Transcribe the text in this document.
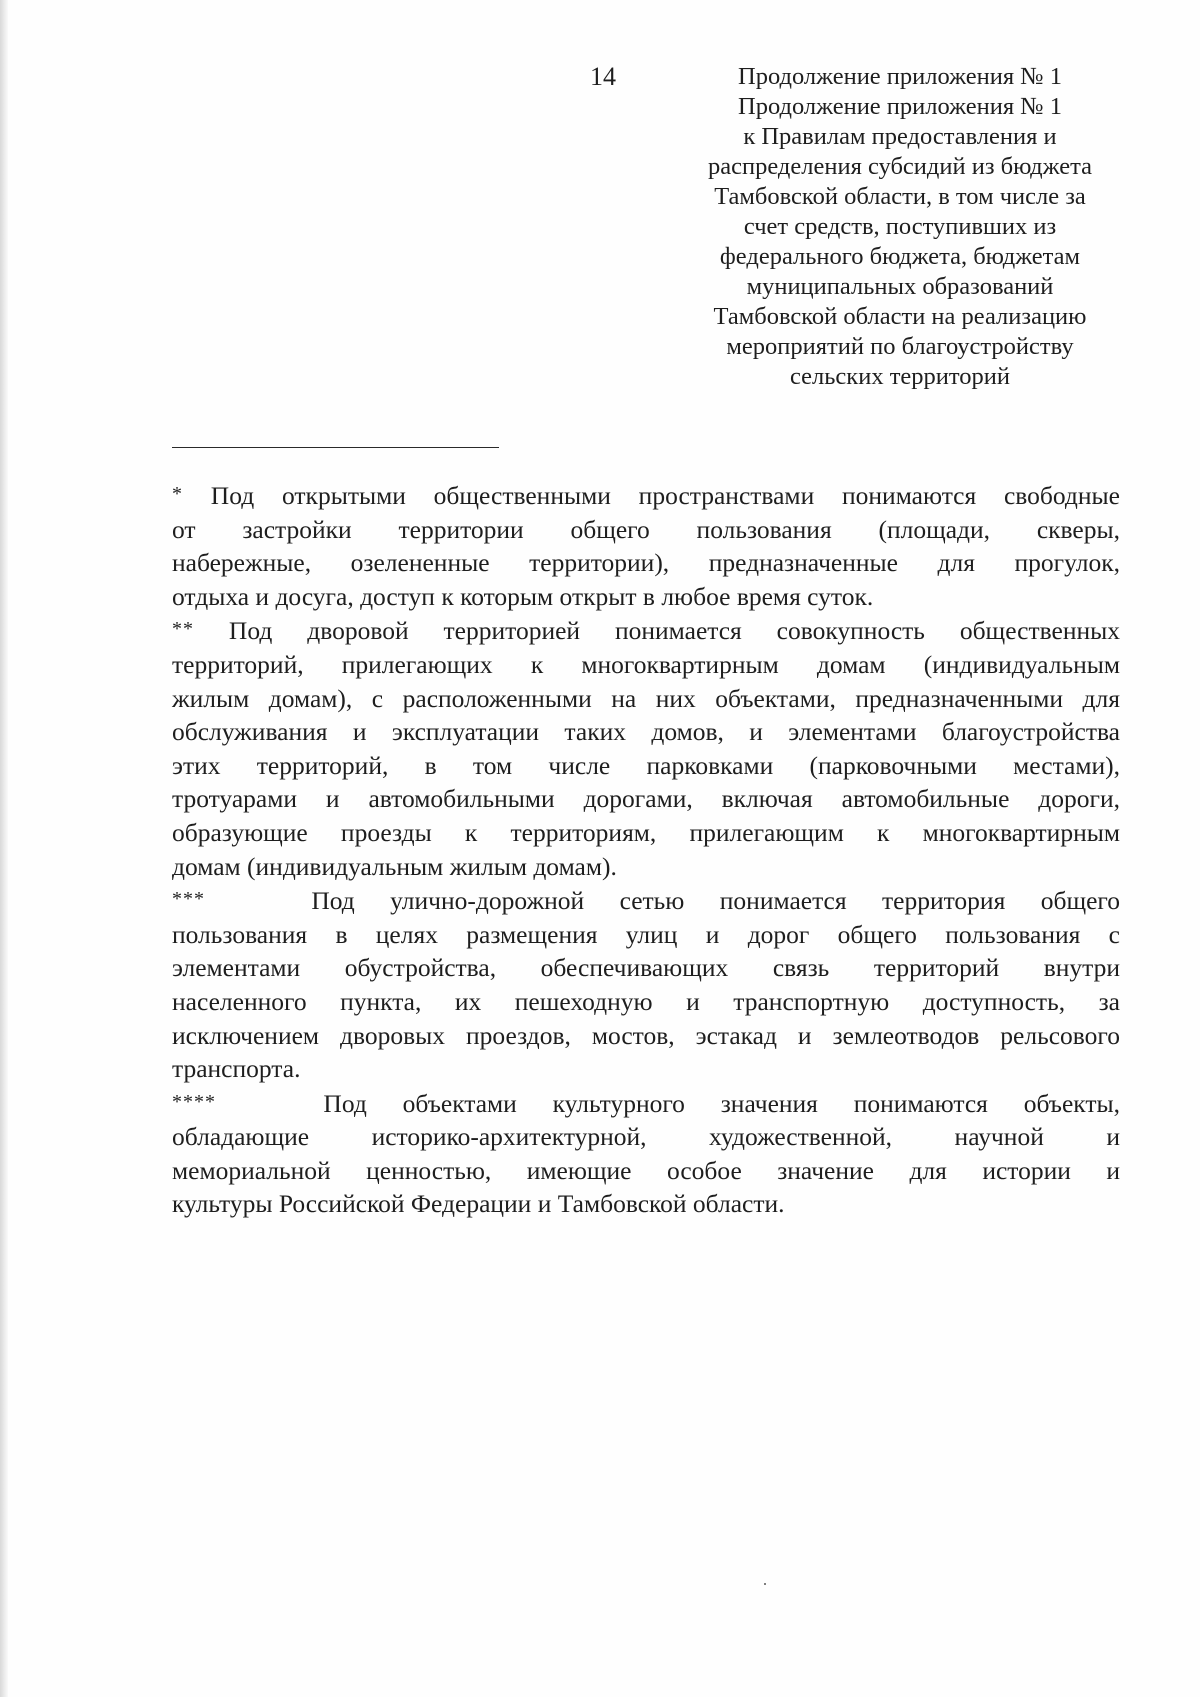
14	Продолжение приложения № 1
Продолжение приложения № 1
к Правилам предоставления и
распределения субсидий из бюджета
Тамбовской области, в том числе за
счет средств, поступивших из
федерального бюджета, бюджетам
муниципальных образований
Тамбовской области на реализацию
мероприятий по благоустройству
сельских территорий
* Под открытыми общественными пространствами понимаются свободные
от застройки территории общего пользования (площади, скверы,
набережные, озелененные территории), предназначенные для прогулок,
отдыха и досуга, доступ к которым открыт в любое время суток.
** Под дворовой территорией понимается совокупность общественных
территорий, прилегающих к многоквартирным домам (индивидуальным
жилым домам), с расположенными на них объектами, предназначенными для
обслуживания и эксплуатации таких домов, и элементами благоустройства
этих территорий, в том числе парковками (парковочными местами),
тротуарами и автомобильными дорогами, включая автомобильные дороги,
образующие проезды к территориям, прилегающим к многоквартирным
домам (индивидуальным жилым домам).
***	Под улично-дорожной сетью понимается территория общего
пользования в целях размещения улиц и дорог общего пользования с
элементами обустройства, обеспечивающих связь территорий внутри
населенного пункта, их пешеходную и транспортную доступность, за
исключением дворовых проездов, мостов, эстакад и землеотводов рельсового
транспорта.
****	Под объектами культурного значения понимаются объекты,
обладающие историко-архитектурной, художественной, научной и
мемориальной ценностью, имеющие особое значение для истории и
культуры Российской Федерации и Тамбовской области.
